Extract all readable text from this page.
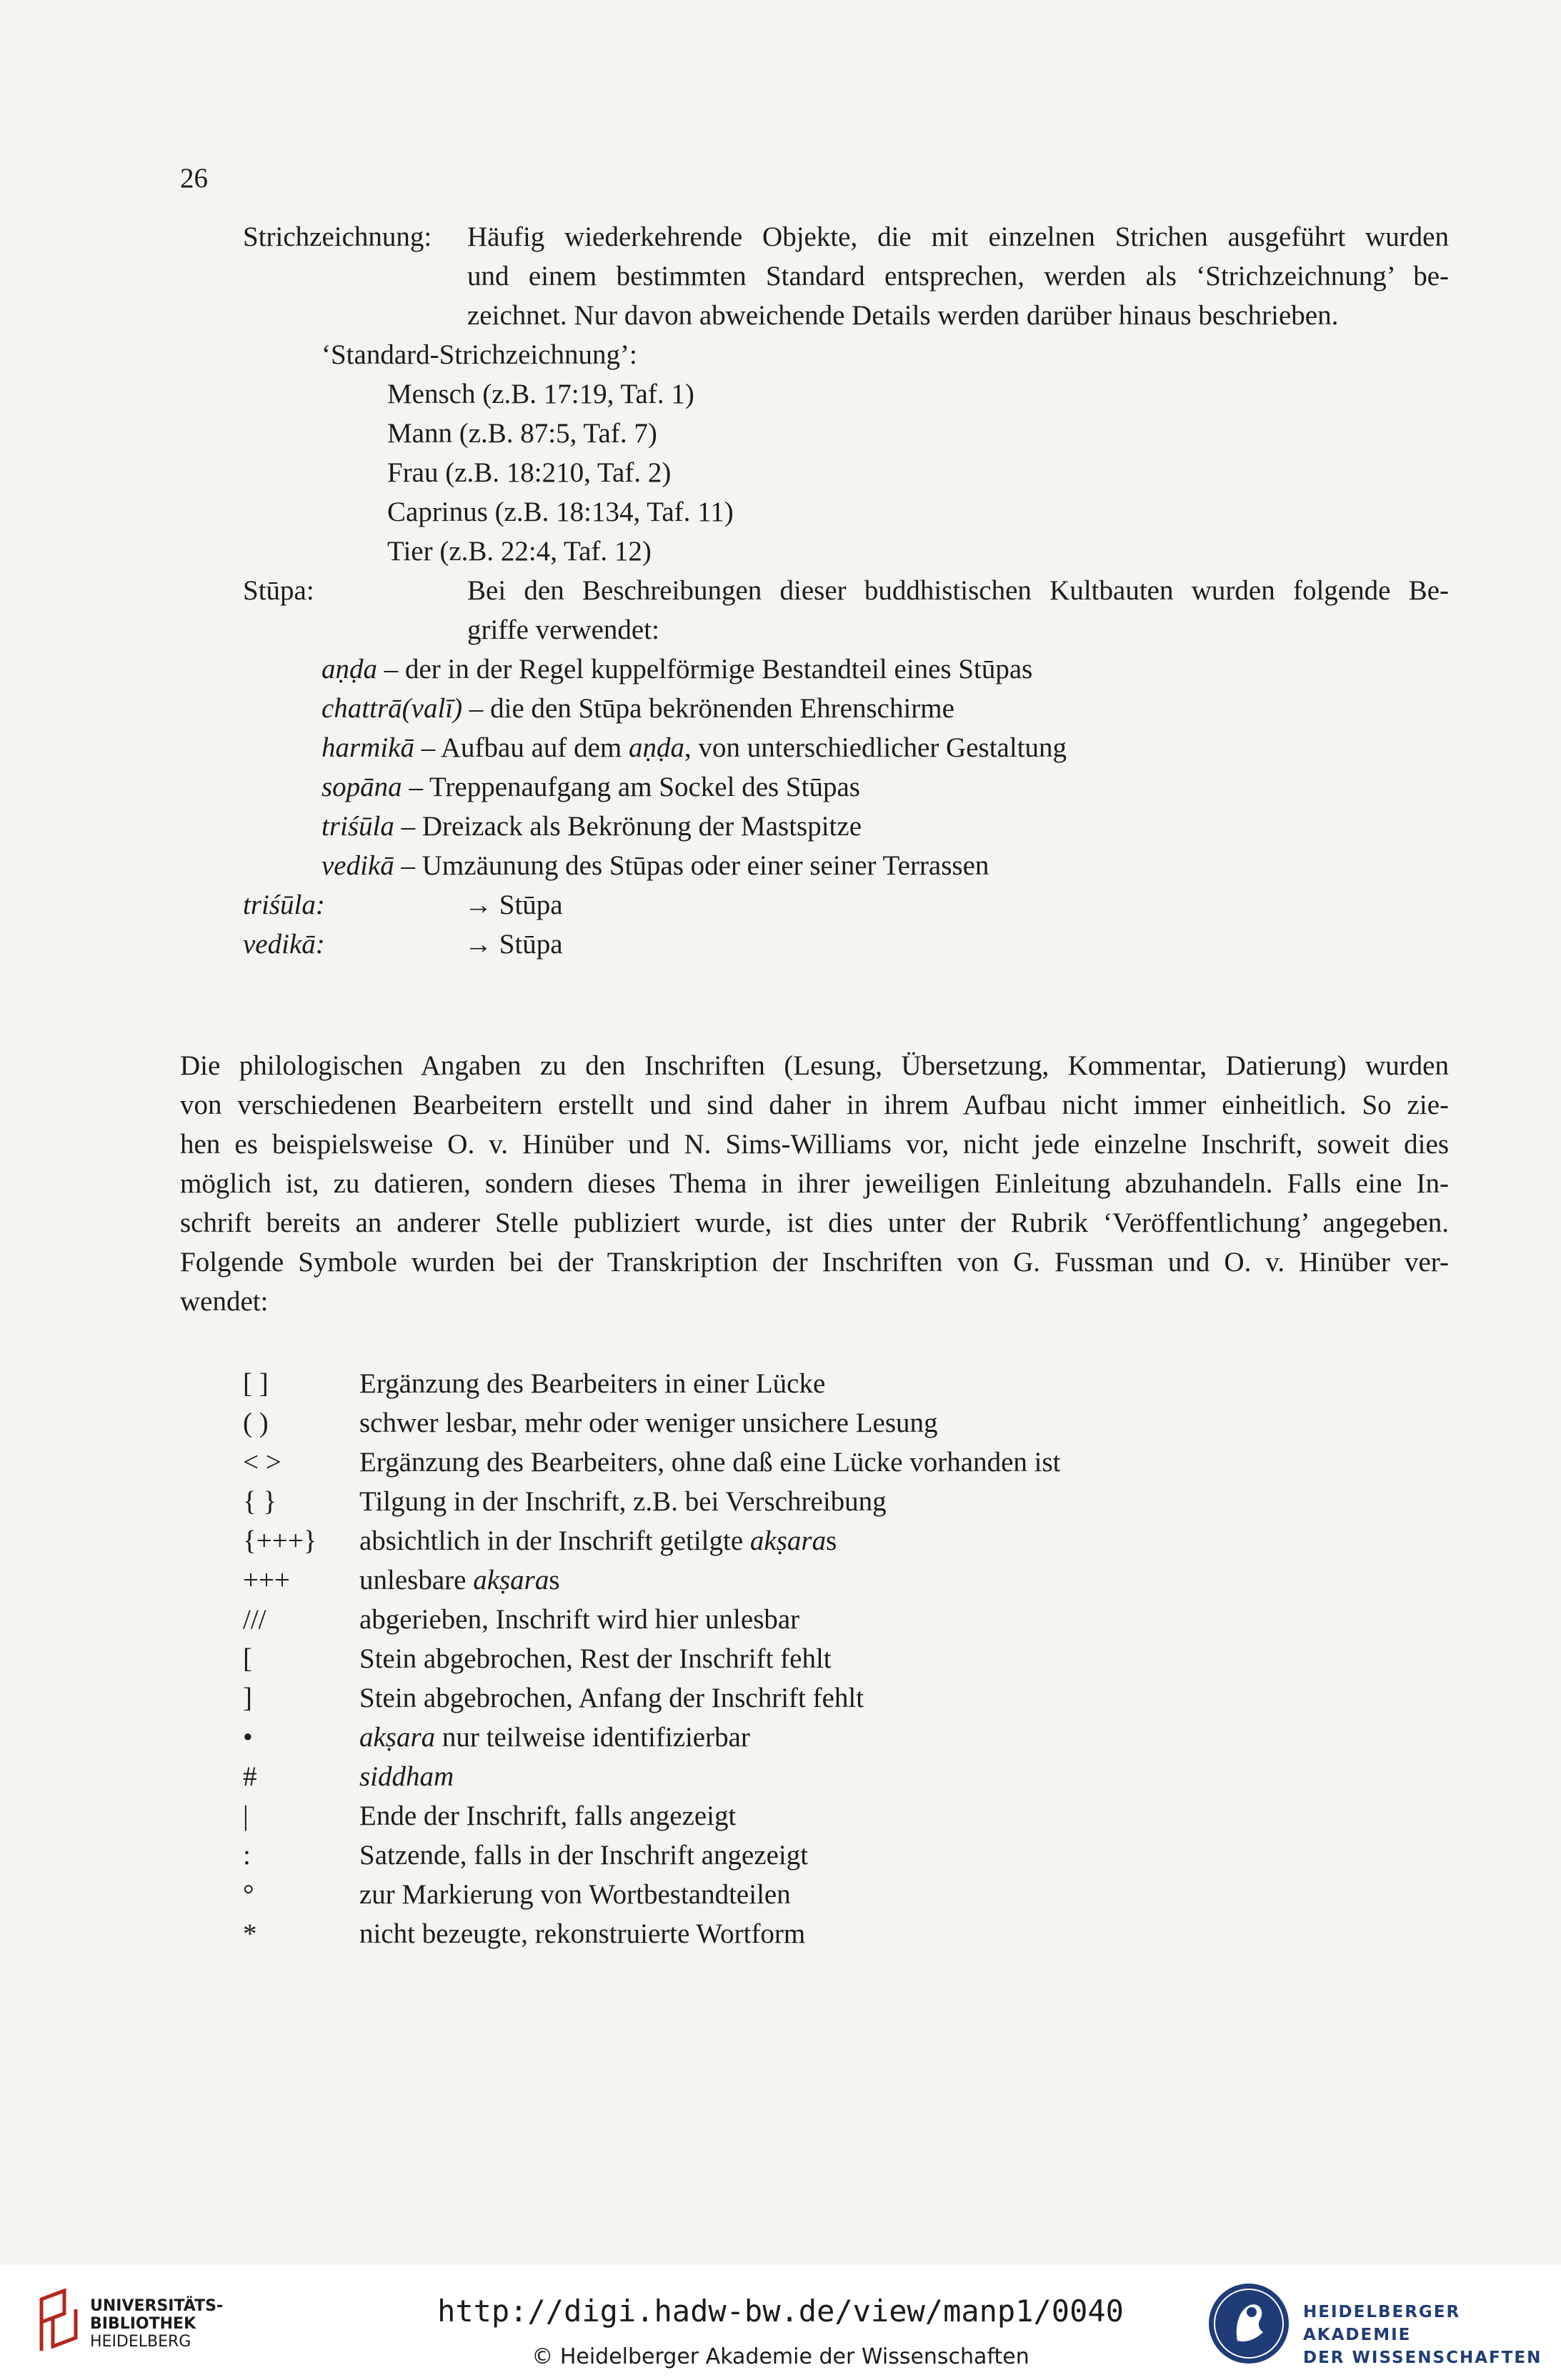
26
Strichzeichnung: Häufig wiederkehrende Objekte, die mit einzelnen Strichen ausgeführt wurden
und einem bestimmten Standard entsprechen, werden als ‘Strichzeichnung’ be-
zeichnet. Nur davon abweichende Details werden darüber hinaus beschrieben.
‘Standard-Strichzeichnung’:
Mensch (z.B. 17:19, Taf. 1)
Mann (z.B. 87:5, Taf. 7)
Frau (z.B. 18:210, Taf. 2)
Caprinus (z.B. 18:134, Taf. 11)
Tier (z.B. 22:4, Taf. 12)
Stūpa:	Bei den Beschreibungen dieser buddhistischen Kultbauten wurden folgende Be-
griffe verwendet:
aṇḍa – der in der Regel kuppelförmige Bestandteil eines Stūpas
chattrā(valī) – die den Stūpa bekrönenden Ehrenschirme
harmikā – Aufbau auf dem aṇḍa, von unterschiedlicher Gestaltung
sopāna – Treppenaufgang am Sockel des Stūpas
triśūla – Dreizack als Bekrönung der Mastspitze
vedikā – Umzäunung des Stūpas oder einer seiner Terrassen
triśūla:	→ Stūpa
vedikā:	→ Stūpa
Die philologischen Angaben zu den Inschriften (Lesung, Übersetzung, Kommentar, Datierung) wurden
von verschiedenen Bearbeitern erstellt und sind daher in ihrem Aufbau nicht immer einheitlich. So zie-
hen es beispielsweise O. v. Hinüber und N. Sims-Williams vor, nicht jede einzelne Inschrift, soweit dies
möglich ist, zu datieren, sondern dieses Thema in ihrer jeweiligen Einleitung abzuhandeln. Falls eine In-
schrift bereits an anderer Stelle publiziert wurde, ist dies unter der Rubrik ‘Veröffentlichung’ angegeben.
Folgende Symbole wurden bei der Transkription der Inschriften von G. Fussman und O. v. Hinüber ver-
wendet:
[ ]	Ergänzung des Bearbeiters in einer Lücke
( )	schwer lesbar, mehr oder weniger unsichere Lesung
< >	Ergänzung des Bearbeiters, ohne daß eine Lücke vorhanden ist
{ }	Tilgung in der Inschrift, z.B. bei Verschreibung
{+++}	absichtlich in der Inschrift getilgte akṣaras
+++	unlesbare akṣaras
///	abgerieben, Inschrift wird hier unlesbar
[	Stein abgebrochen, Rest der Inschrift fehlt
]	Stein abgebrochen, Anfang der Inschrift fehlt
•	akṣara nur teilweise identifizierbar
#	siddham
|	Ende der Inschrift, falls angezeigt
:	Satzende, falls in der Inschrift angezeigt
°	zur Markierung von Wortbestandteilen
*	nicht bezeugte, rekonstruierte Wortform
UNIVERSITÄTS-
BIBLIOTHEK
HEIDELBERG
http://digi.hadw-bw.de/view/manp1/0040
© Heidelberger Akademie der Wissenschaften
HEIDELBERGER AKADEMIE
DER WISSENSCHAFTEN
